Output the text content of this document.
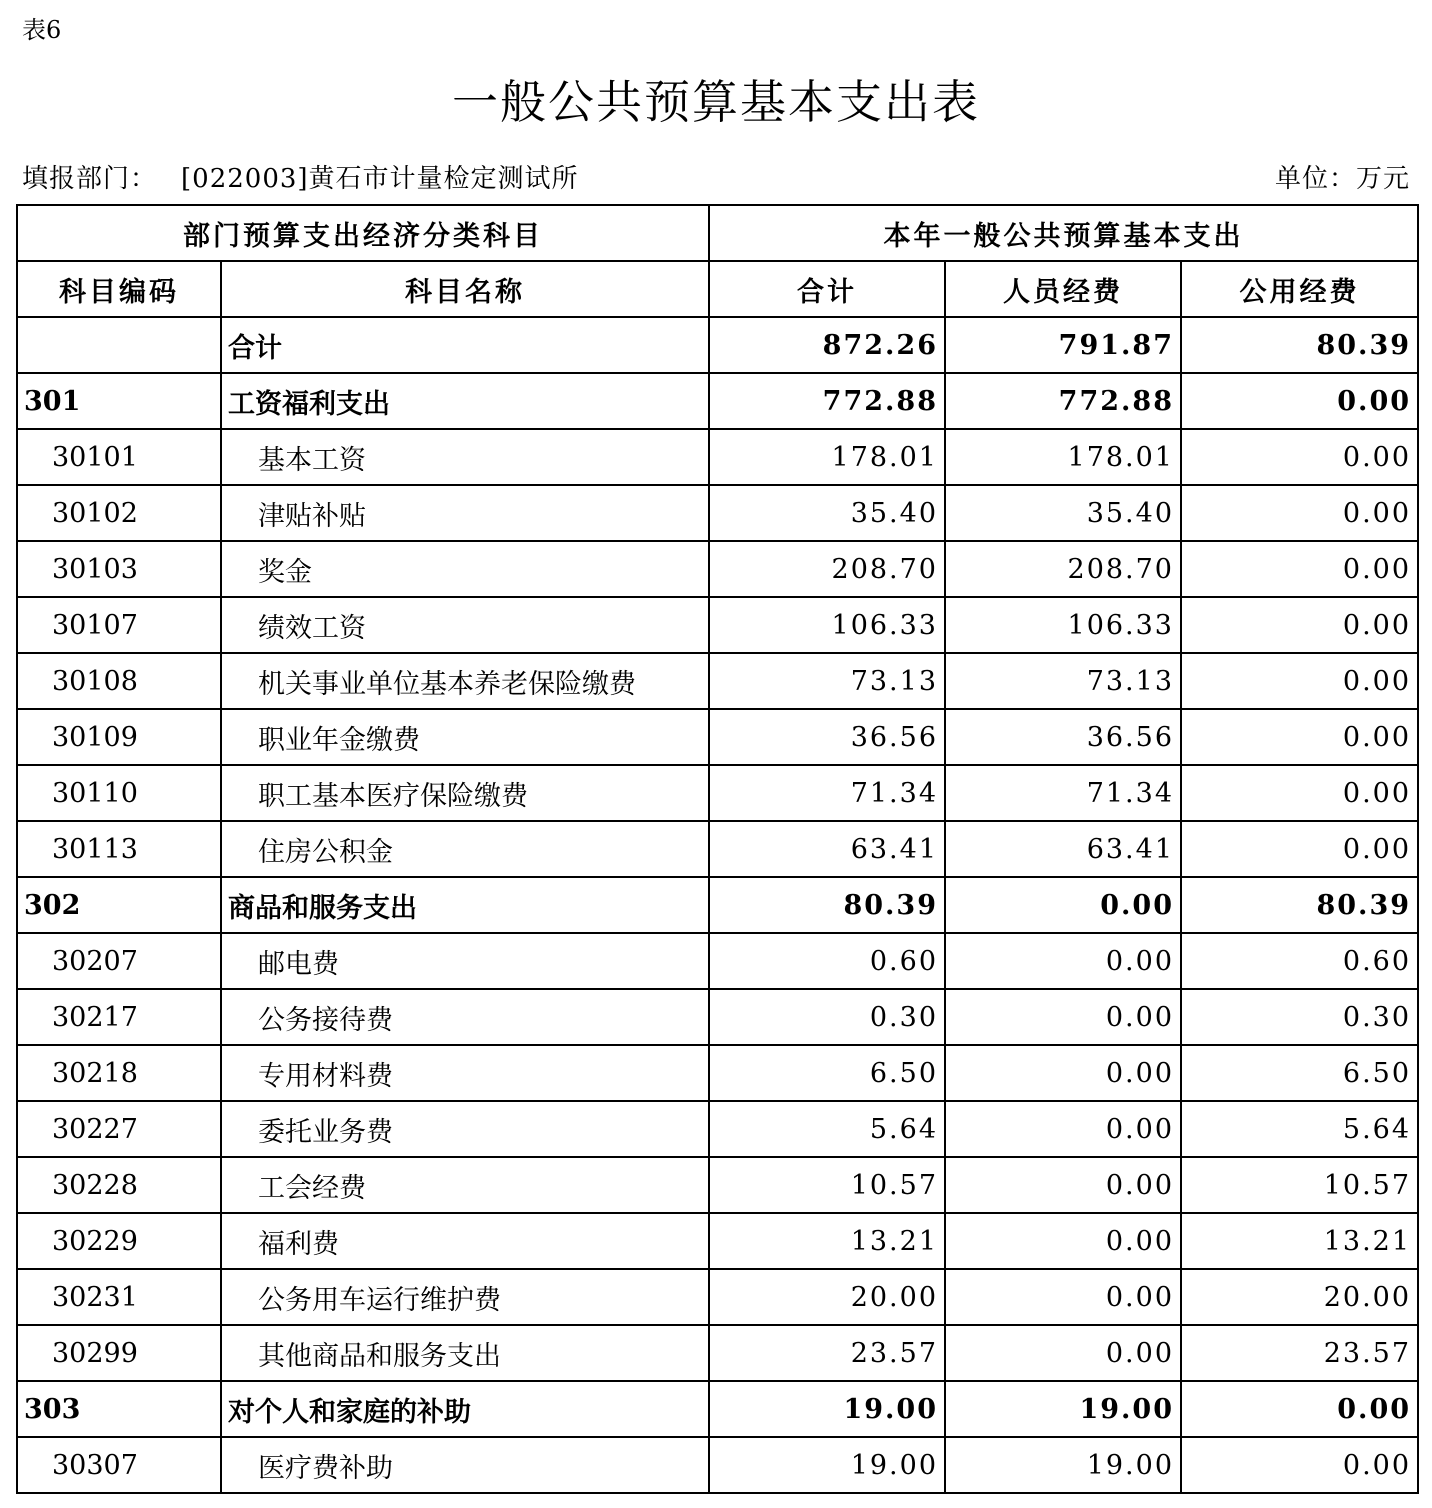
表6
一般公共预算基本支出表
填报部门： [022003]黄石市计量检定测试所	单位：万元
部门预算支出经济分类科目		本年一般公共预算基本支出		
科目编码	科目名称	合计	人员经费	公用经费
	合计	872.26	791.87	80.39
301	工资福利支出	772.88	772.88	0.00
30101	基本工资	178.01	178.01	0.00
30102	津贴补贴	35.40	35.40	0.00
30103	奖金	208.70	208.70	0.00
30107	绩效工资	106.33	106.33	0.00
30108	机关事业单位基本养老保险缴费	73.13	73.13	0.00
30109	职业年金缴费	36.56	36.56	0.00
30110	职工基本医疗保险缴费	71.34	71.34	0.00
30113	住房公积金	63.41	63.41	0.00
302	商品和服务支出	80.39	0.00	80.39
30207	邮电费	0.60	0.00	0.60
30217	公务接待费	0.30	0.00	0.30
30218	专用材料费	6.50	0.00	6.50
30227	委托业务费	5.64	0.00	5.64
30228	工会经费	10.57	0.00	10.57
30229	福利费	13.21	0.00	13.21
30231	公务用车运行维护费	20.00	0.00	20.00
30299	其他商品和服务支出	23.57	0.00	23.57
303	对个人和家庭的补助	19.00	19.00	0.00
30307	医疗费补助	19.00	19.00	0.00
